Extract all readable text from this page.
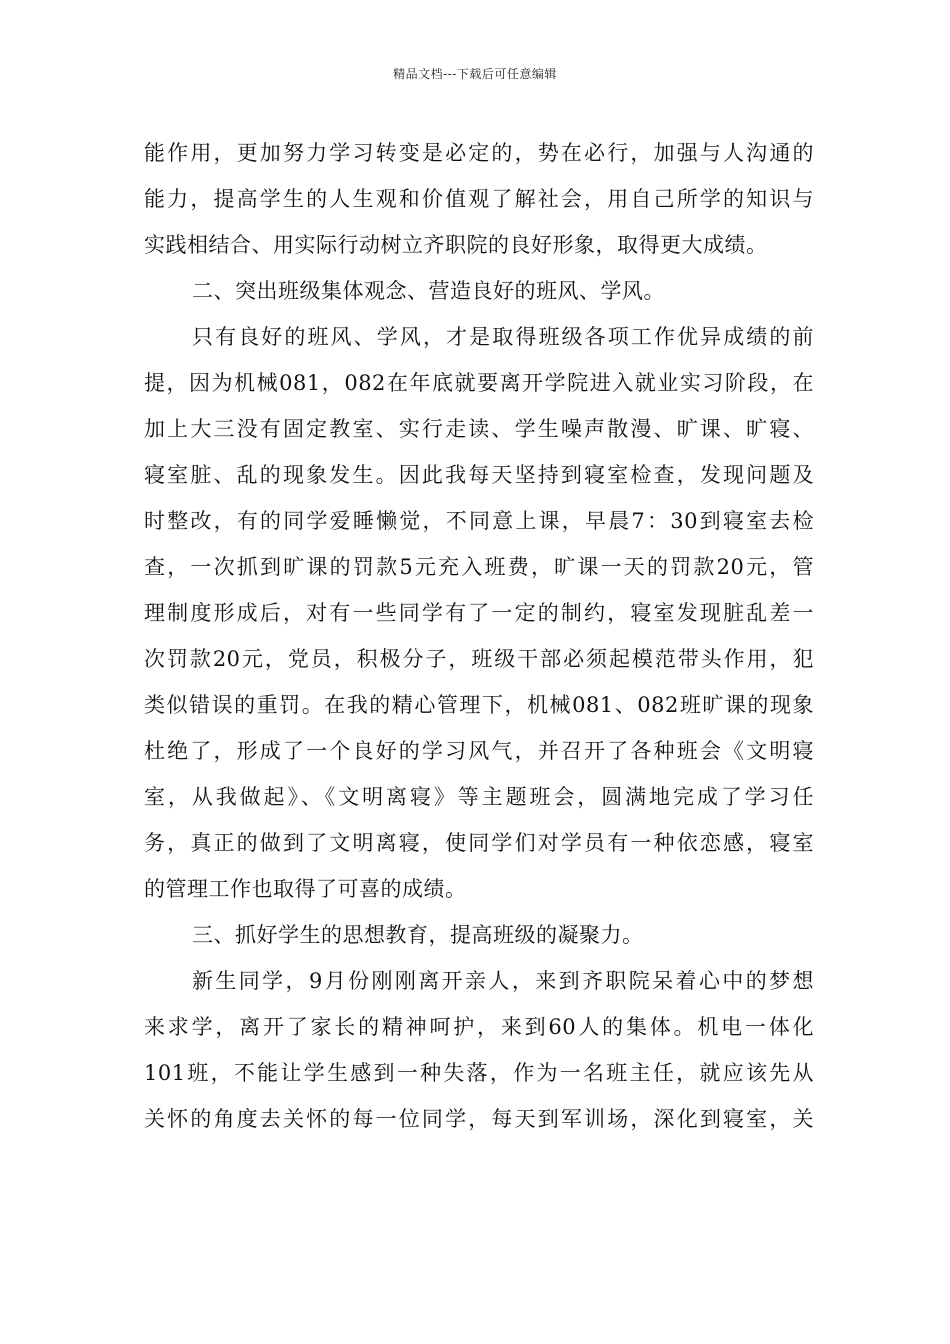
精品文档---下载后可任意编辑
能作用，更加努力学习转变是必定的，势在必行，加强与人沟通的
能力，提高学生的人生观和价值观了解社会，用自己所学的知识与
实践相结合、用实际行动树立齐职院的良好形象，取得更大成绩。
二、突出班级集体观念、营造良好的班风、学风。
只有良好的班风、学风，才是取得班级各项工作优异成绩的前
提，因为机械081，082在年底就要离开学院进入就业实习阶段，在
加上大三没有固定教室、实行走读、学生噪声散漫、旷课、旷寝、
寝室脏、乱的现象发生。因此我每天坚持到寝室检查，发现问题及
时整改，有的同学爱睡懒觉，不同意上课，早晨7：30到寝室去检
查，一次抓到旷课的罚款5元充入班费，旷课一天的罚款20元，管
理制度形成后，对有一些同学有了一定的制约，寝室发现脏乱差一
次罚款20元，党员，积极分子，班级干部必须起模范带头作用，犯
类似错误的重罚。在我的精心管理下，机械081、082班旷课的现象
杜绝了，形成了一个良好的学习风气，并召开了各种班会《文明寝
室，从我做起》、《文明离寝》等主题班会，圆满地完成了学习任
务，真正的做到了文明离寝，使同学们对学员有一种依恋感，寝室
的管理工作也取得了可喜的成绩。
三、抓好学生的思想教育，提高班级的凝聚力。
新生同学，9月份刚刚离开亲人，来到齐职院呆着心中的梦想
来求学，离开了家长的精神呵护，来到60人的集体。机电一体化
101班，不能让学生感到一种失落，作为一名班主任，就应该先从
关怀的角度去关怀的每一位同学，每天到军训场，深化到寝室，关
